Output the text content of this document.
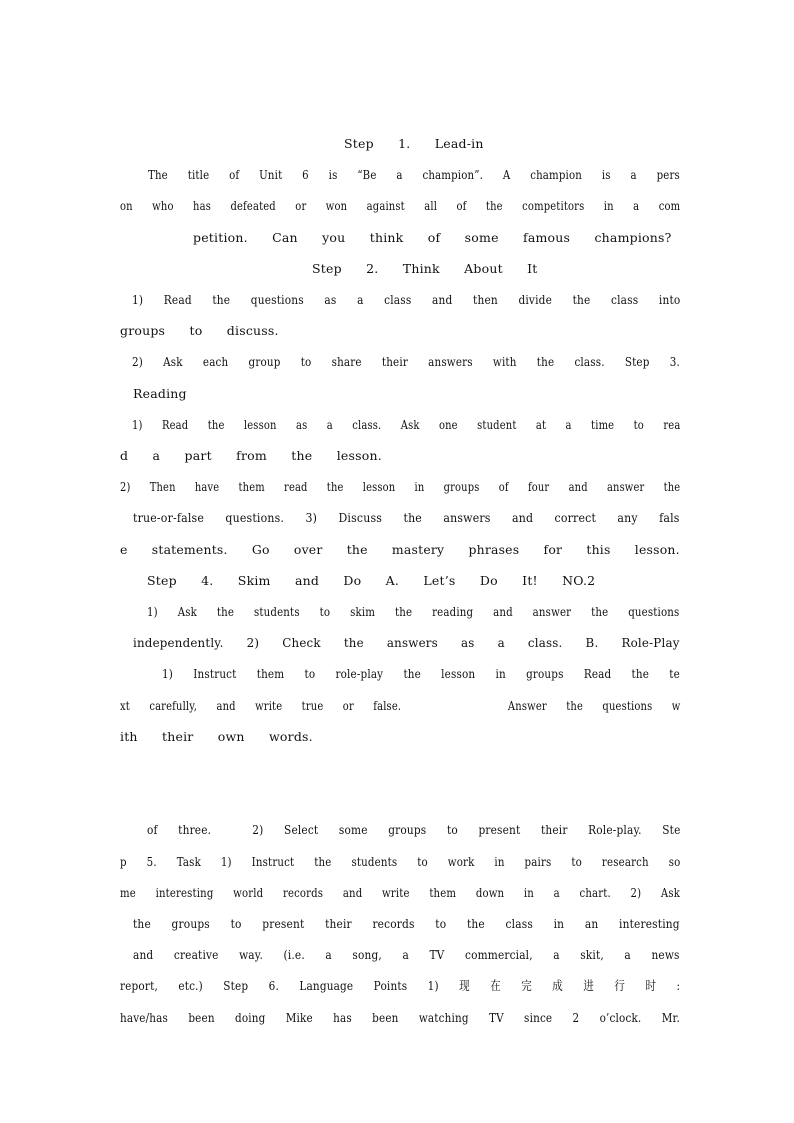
Step  1.  Lead-in

The  title  of  Unit  6  is  “Be  a  champion”.  A  champion  is  a  pers

on  who  has  defeated  or  won  against  all  of  the  competitors  in  a  com

petition.  Can  you  think  of  some  famous  champions?

Step  2.  Think  About  It

1)  Read  the  questions  as  a  class  and  then  divide  the  class  into

groups  to  discuss.

2)  Ask  each  group  to  share  their  answers  with  the  class.  Step  3.

Reading

1)  Read  the  lesson  as  a  class.  Ask  one  student  at  a  time  to  rea

d  a  part  from  the  lesson.

2)  Then  have  them  read  the  lesson  in  groups  of  four  and  answer  the

true-or-false  questions.  3)  Discuss  the  answers  and  correct  any  fals

e  statements.  Go  over  the  mastery  phrases  for  this  lesson.

Step  4.  Skim  and  Do  A.  Let’s  Do  It!  NO.2

1)  Ask  the  students  to  skim  the  reading  and  answer  the  questions

independently.  2)  Check  the  answers  as  a  class.  B.  Role-Play

1)  Instruct  them  to  role-play  the  lesson  in  groups  Read  the  te

xt  carefully,  and  write  true  or  false.           Answer  the  questions  w

ith  their  own  words.

of  three.    2)  Select  some  groups  to  present  their  Role-play.  Ste

p  5.  Task  1)  Instruct  the  students  to  work  in  pairs  to  research  so

me  interesting  world  records  and  write  them  down  in  a  chart.  2)  Ask

the  groups  to  present  their  records  to  the  class  in  an  interesting

and  creative  way.  (i.e.  a  song,  a  TV  commercial,  a  skit,  a  news

report,  etc.)  Step  6.  Language  Points  1)  现  在  完  成  进  行  时  :

have/has  been  doing  Mike  has  been  watching  TV  since  2  o’clock.  Mr.
